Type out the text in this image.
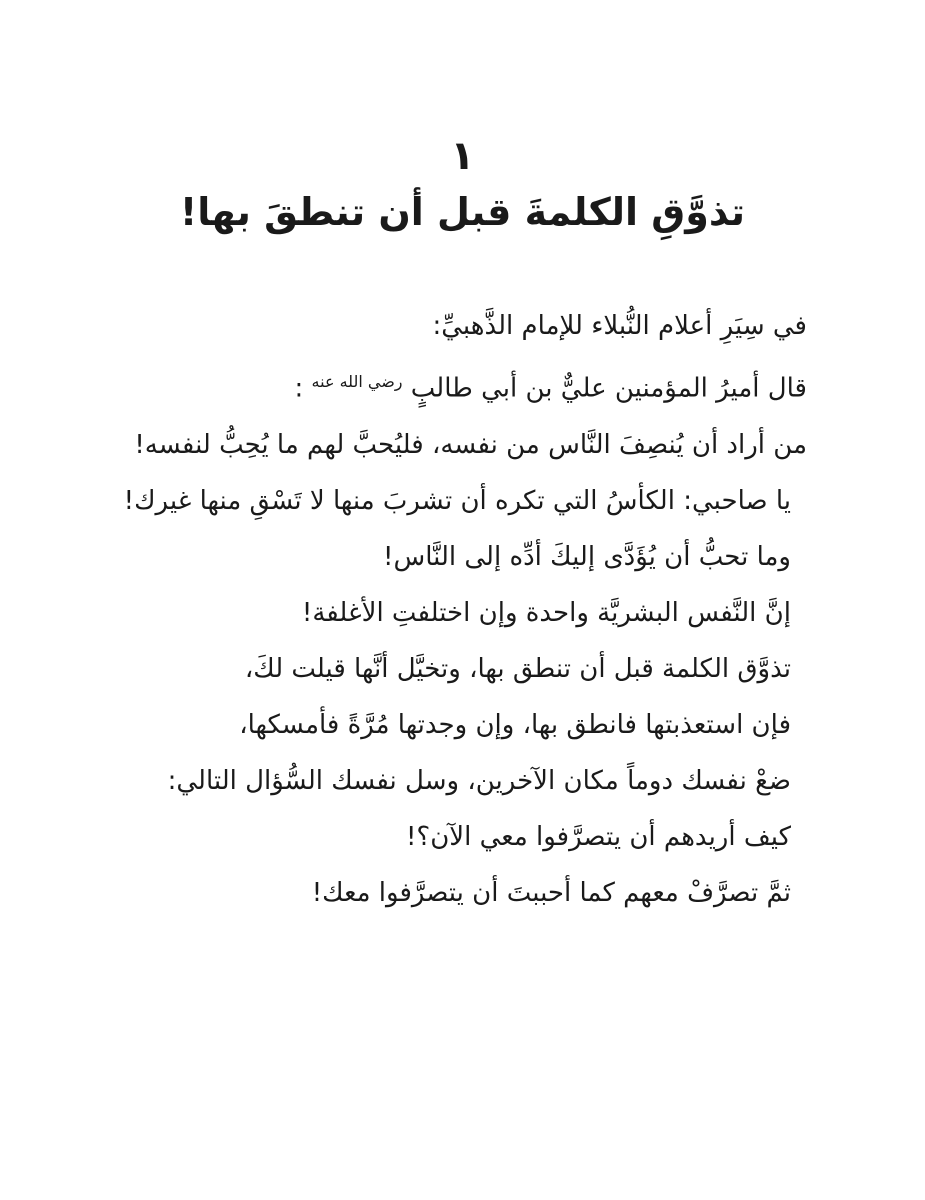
١
تذوَّقِ الكلمةَ قبل أن تنطقَ بها!

في سِيَرِ أعلام النُّبلاء للإمام الذَّهبيِّ:

قال أميرُ المؤمنين عليٌّ بن أبي طالبٍ $^{رضي الله عنه}$ :

من أراد أن يُنصِفَ النَّاس من نفسه، فليُحبَّ لهم ما يُحِبُّ لنفسه!

يا صاحبي: الكأسُ التي تكره أن تشربَ منها لا تَسْقِ منها غيرك!

وما تحبُّ أن يُؤَدَّى إليكَ أدِّه إلى النَّاس!

إنَّ النَّفس البشريَّة واحدة وإن اختلفتِ الأغلفة!

تذوَّق الكلمة قبل أن تنطق بها، وتخيَّل أنَّها قيلت لكَ،

فإن استعذبتها فانطق بها، وإن وجدتها مُرَّةً فأمسكها،

ضعْ نفسك دوماً مكان الآخرين، وسل نفسك السُّؤال التالي:

كيف أريدهم أن يتصرَّفوا معي الآن؟!

ثمَّ تصرَّفْ معهم كما أحببتَ أن يتصرَّفوا معك!
